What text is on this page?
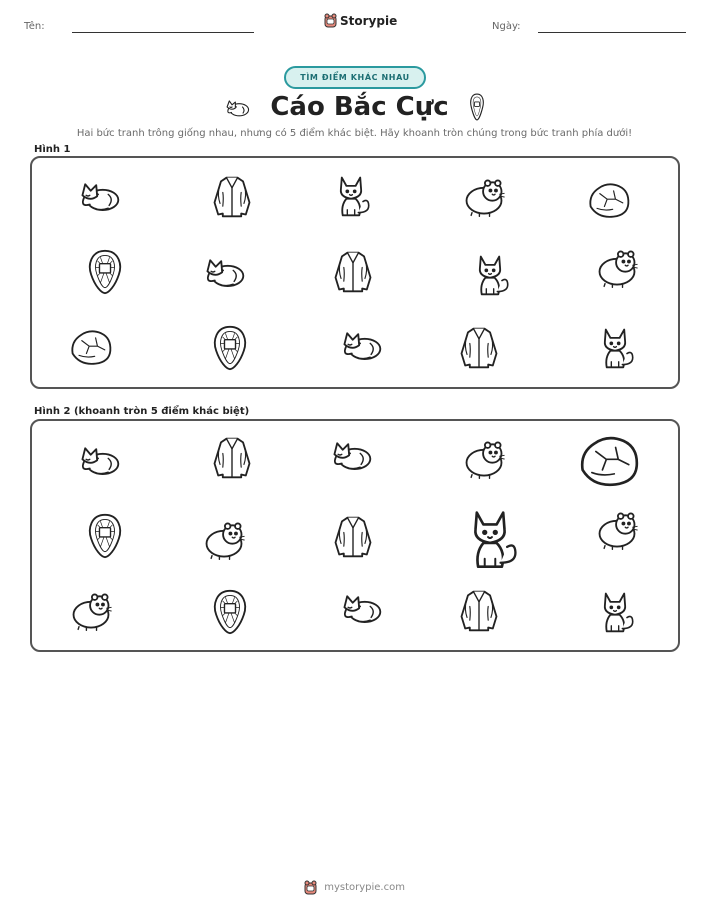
Tên:	Storypie	Ngày:
TÌM ĐIỂM KHÁC NHAU
Cáo Bắc Cực
Hai bức tranh trông giống nhau, nhưng có 5 điểm khác biệt. Hãy khoanh tròn chúng trong bức tranh phía dưới!
Hình 1
Hình 2 (khoanh tròn 5 điểm khác biệt)
mystorypie.com
